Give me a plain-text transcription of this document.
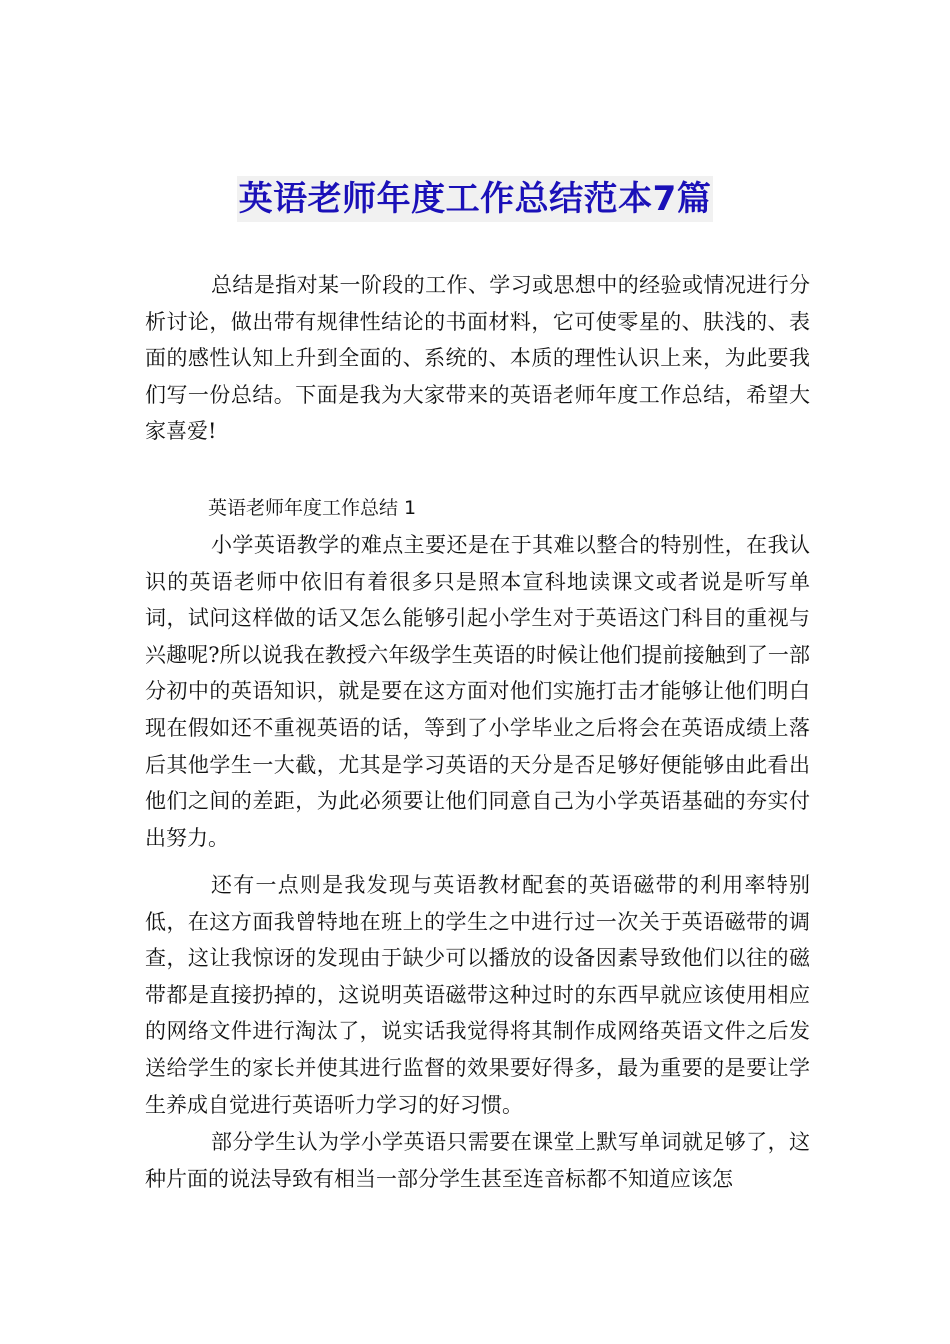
英语老师年度工作总结范本7篇

总结是指对某一阶段的工作、学习或思想中的经验或情况进行分析讨论，做出带有规律性结论的书面材料，它可使零星的、肤浅的、表面的感性认知上升到全面的、系统的、本质的理性认识上来，为此要我们写一份总结。下面是我为大家带来的英语老师年度工作总结，希望大家喜爱!

英语老师年度工作总结 1

小学英语教学的难点主要还是在于其难以整合的特别性，在我认识的英语老师中依旧有着很多只是照本宣科地读课文或者说是听写单词，试问这样做的话又怎么能够引起小学生对于英语这门科目的重视与兴趣呢?所以说我在教授六年级学生英语的时候让他们提前接触到了一部分初中的英语知识，就是要在这方面对他们实施打击才能够让他们明白现在假如还不重视英语的话，等到了小学毕业之后将会在英语成绩上落后其他学生一大截，尤其是学习英语的天分是否足够好便能够由此看出他们之间的差距，为此必须要让他们同意自己为小学英语基础的夯实付出努力。

还有一点则是我发现与英语教材配套的英语磁带的利用率特别低，在这方面我曾特地在班上的学生之中进行过一次关于英语磁带的调查，这让我惊讶的发现由于缺少可以播放的设备因素导致他们以往的磁带都是直接扔掉的，这说明英语磁带这种过时的东西早就应该使用相应的网络文件进行淘汰了，说实话我觉得将其制作成网络英语文件之后发送给学生的家长并使其进行监督的效果要好得多，最为重要的是要让学生养成自觉进行英语听力学习的好习惯。

部分学生认为学小学英语只需要在课堂上默写单词就足够了，这种片面的说法导致有相当一部分学生甚至连音标都不知道应该怎
